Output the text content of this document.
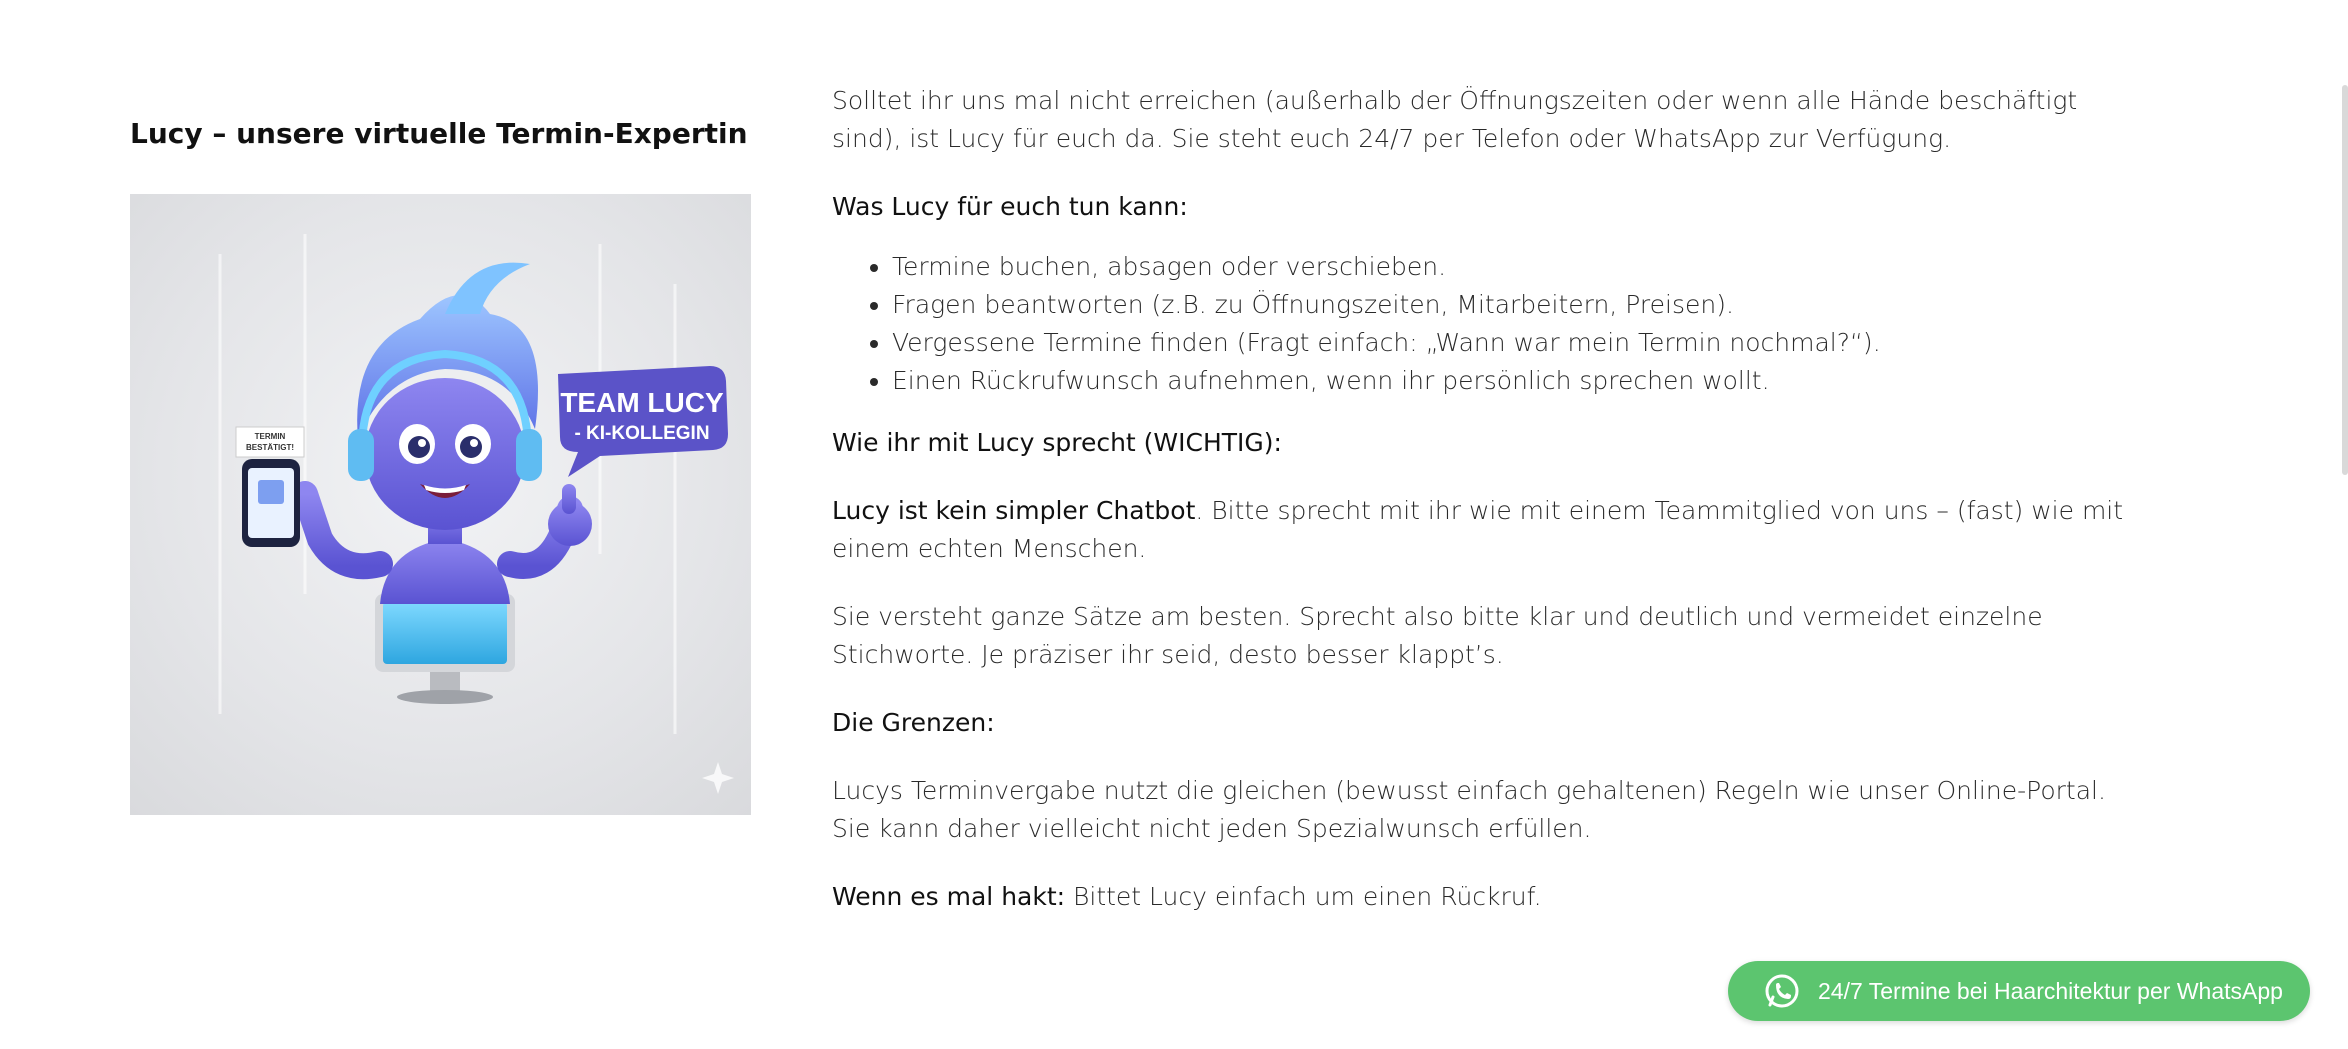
Lucy – unsere virtuelle Termin-Expertin
TERMIN
BESTÄTIGT!
TEAM LUCY
- KI-KOLLEGIN

Solltet ihr uns mal nicht erreichen (außerhalb der Öffnungszeiten oder wenn alle Hände beschäftigt sind), ist Lucy für euch da. Sie steht euch 24/7 per Telefon oder WhatsApp zur Verfügung.

Was Lucy für euch tun kann:

• Termine buchen, absagen oder verschieben.
• Fragen beantworten (z.B. zu Öffnungszeiten, Mitarbeitern, Preisen).
• Vergessene Termine finden (Fragt einfach: „Wann war mein Termin nochmal?“).
• Einen Rückrufwunsch aufnehmen, wenn ihr persönlich sprechen wollt.

Wie ihr mit Lucy sprecht (WICHTIG):

Lucy ist kein simpler Chatbot. Bitte sprecht mit ihr wie mit einem Teammitglied von uns – (fast) wie mit einem echten Menschen.

Sie versteht ganze Sätze am besten. Sprecht also bitte klar und deutlich und vermeidet einzelne Stichworte. Je präziser ihr seid, desto besser klappt’s.

Die Grenzen:

Lucys Terminvergabe nutzt die gleichen (bewusst einfach gehaltenen) Regeln wie unser Online-Portal. Sie kann daher vielleicht nicht jeden Spezialwunsch erfüllen.

Wenn es mal hakt: Bittet Lucy einfach um einen Rückruf.

24/7 Termine bei Haarchitektur per WhatsApp
